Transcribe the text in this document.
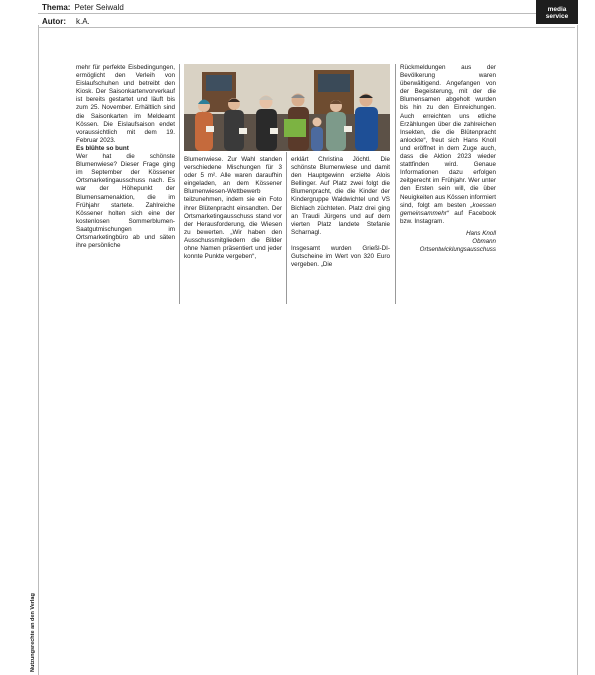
Thema: Peter Seiwald
Autor: k.A.
media
service
Nutzungsrechte an den Verlag

mehr für perfekte Eisbedingungen, ermöglicht den Verleih von Eislaufschuhen und betreibt den Kiosk. Der Saisonkartenvorverkauf ist bereits gestartet und läuft bis zum 25. November. Erhältlich sind die Saisonkarten im Meldeamt Kössen. Die Eislaufsaison endet voraussichtlich mit dem 19. Februar 2023.

Es blühte so bunt

Wer hat die schönste Blumenwiese? Dieser Frage ging im September der Kössener Ortsmarketingausschuss nach. Es war der Höhepunkt der Blumensamenaktion, die im Frühjahr startete. Zahlreiche Kössener holten sich eine der kostenlosen Sommerblumen-Saatgutmischungen im Ortsmarketingbüro ab und säten ihre persönliche

Blumenwiese. Zur Wahl standen verschiedene Mischungen für 3 oder 5 m². Alle waren daraufhin eingeladen, an dem Kössener Blumenwiesen-Wettbewerb teilzunehmen, indem sie ein Foto ihrer Blütenpracht einsandten. Der Ortsmarketingausschuss stand vor der Herausforderung, die Wiesen zu bewerten. „Wir haben den Ausschussmitgliedern die Bilder ohne Namen präsentiert und jeder konnte Punkte vergeben“,

erklärt Christina Jöchtl. Die schönste Blumenwiese und damit den Hauptgewinn erzielte Alois Bellinger. Auf Platz zwei folgt die Blumenpracht, die die Kinder der Kindergruppe Waldwichtel und VS Bichlach züchteten. Platz drei ging an Traudi Jürgens und auf dem vierten Platz landete Stefanie Scharnagl.

Insgesamt wurden Grießl-DI-Gutscheine im Wert von 320 Euro vergeben. „Die

Rückmeldungen aus der Bevölkerung waren überwältigend. Angefangen von der Begeisterung, mit der die Blumensamen abgeholt wurden bis hin zu den Einreichungen. Auch erreichten uns etliche Erzählungen über die zahlreichen Insekten, die die Blütenpracht anlockte“, freut sich Hans Knoll und eröffnet in dem Zuge auch, dass die Aktion 2023 wieder stattfinden wird. Genaue Informationen dazu erfolgen zeitgerecht im Frühjahr. Wer unter den Ersten sein will, die über Neuigkeiten aus Kössen informiert sind, folgt am besten „koessen gemeinsammehr“ auf Facebook bzw. Instagram.

Hans Knoll
Obmann Ortsentwicklungsausschuss
